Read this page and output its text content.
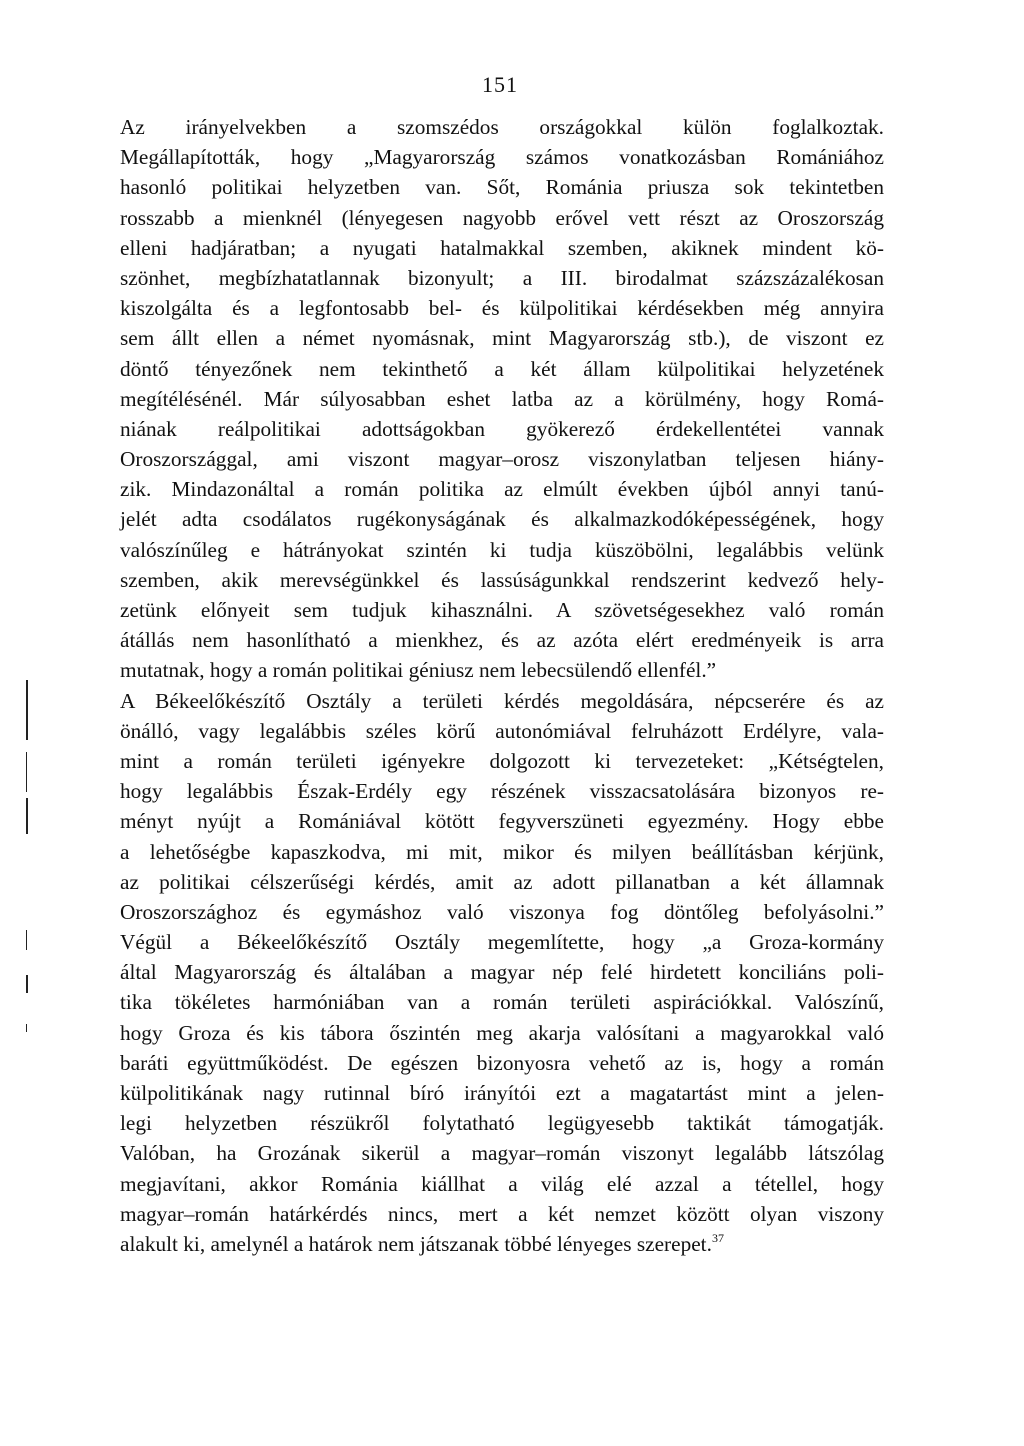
151
Az irányelvekben a szomszédos országokkal külön foglalkoztak.
Megállapították, hogy „Magyarország számos vonatkozásban Romániához
hasonló politikai helyzetben van. Sőt, Románia priusza sok tekintetben
rosszabb a mienknél (lényegesen nagyobb erővel vett részt az Oroszország
elleni hadjáratban; a nyugati hatalmakkal szemben, akiknek mindent kö-
szönhet, megbízhatatlannak bizonyult; a III. birodalmat százszázalékosan
kiszolgálta és a legfontosabb bel- és külpolitikai kérdésekben még annyira
sem állt ellen a német nyomásnak, mint Magyarország stb.), de viszont ez
döntő tényezőnek nem tekinthető a két állam külpolitikai helyzetének
megítélésénél. Már súlyosabban eshet latba az a körülmény, hogy Romá-
niának reálpolitikai adottságokban gyökerező érdekellentétei vannak
Oroszországgal, ami viszont magyar–orosz viszonylatban teljesen hiány-
zik. Mindazonáltal a román politika az elmúlt években újból annyi tanú-
jelét adta csodálatos rugékonyságának és alkalmazkodóképességének, hogy
valószínűleg e hátrányokat szintén ki tudja küszöbölni, legalábbis velünk
szemben, akik merevségünkkel és lassúságunkkal rendszerint kedvező hely-
zetünk előnyeit sem tudjuk kihasználni. A szövetségesekhez való román
átállás nem hasonlítható a mienkhez, és az azóta elért eredményeik is arra
mutatnak, hogy a román politikai géniusz nem lebecsülendő ellenfél.”
A Békeelőkészítő Osztály a területi kérdés megoldására, népcserére és az
önálló, vagy legalábbis széles körű autonómiával felruházott Erdélyre, vala-
mint a román területi igényekre dolgozott ki tervezeteket: „Kétségtelen,
hogy legalábbis Észak-Erdély egy részének visszacsatolására bizonyos re-
ményt nyújt a Romániával kötött fegyverszüneti egyezmény. Hogy ebbe
a lehetőségbe kapaszkodva, mi mit, mikor és milyen beállításban kérjünk,
az politikai célszerűségi kérdés, amit az adott pillanatban a két államnak
Oroszországhoz és egymáshoz való viszonya fog döntőleg befolyásolni.”
Végül a Békeelőkészítő Osztály megemlítette, hogy „a Groza-kormány
által Magyarország és általában a magyar nép felé hirdetett konciliáns poli-
tika tökéletes harmóniában van a román területi aspirációkkal. Valószínű,
hogy Groza és kis tábora őszintén meg akarja valósítani a magyarokkal való
baráti együttműködést. De egészen bizonyosra vehető az is, hogy a román
külpolitikának nagy rutinnal bíró irányítói ezt a magatartást mint a jelen-
legi helyzetben részükről folytatható legügyesebb taktikát támogatják.
Valóban, ha Grozának sikerül a magyar–román viszonyt legalább látszólag
megjavítani, akkor Románia kiállhat a világ elé azzal a tétellel, hogy
magyar–román határkérdés nincs, mert a két nemzet között olyan viszony
alakult ki, amelynél a határok nem játszanak többé lényeges szerepet.$^{37}$
